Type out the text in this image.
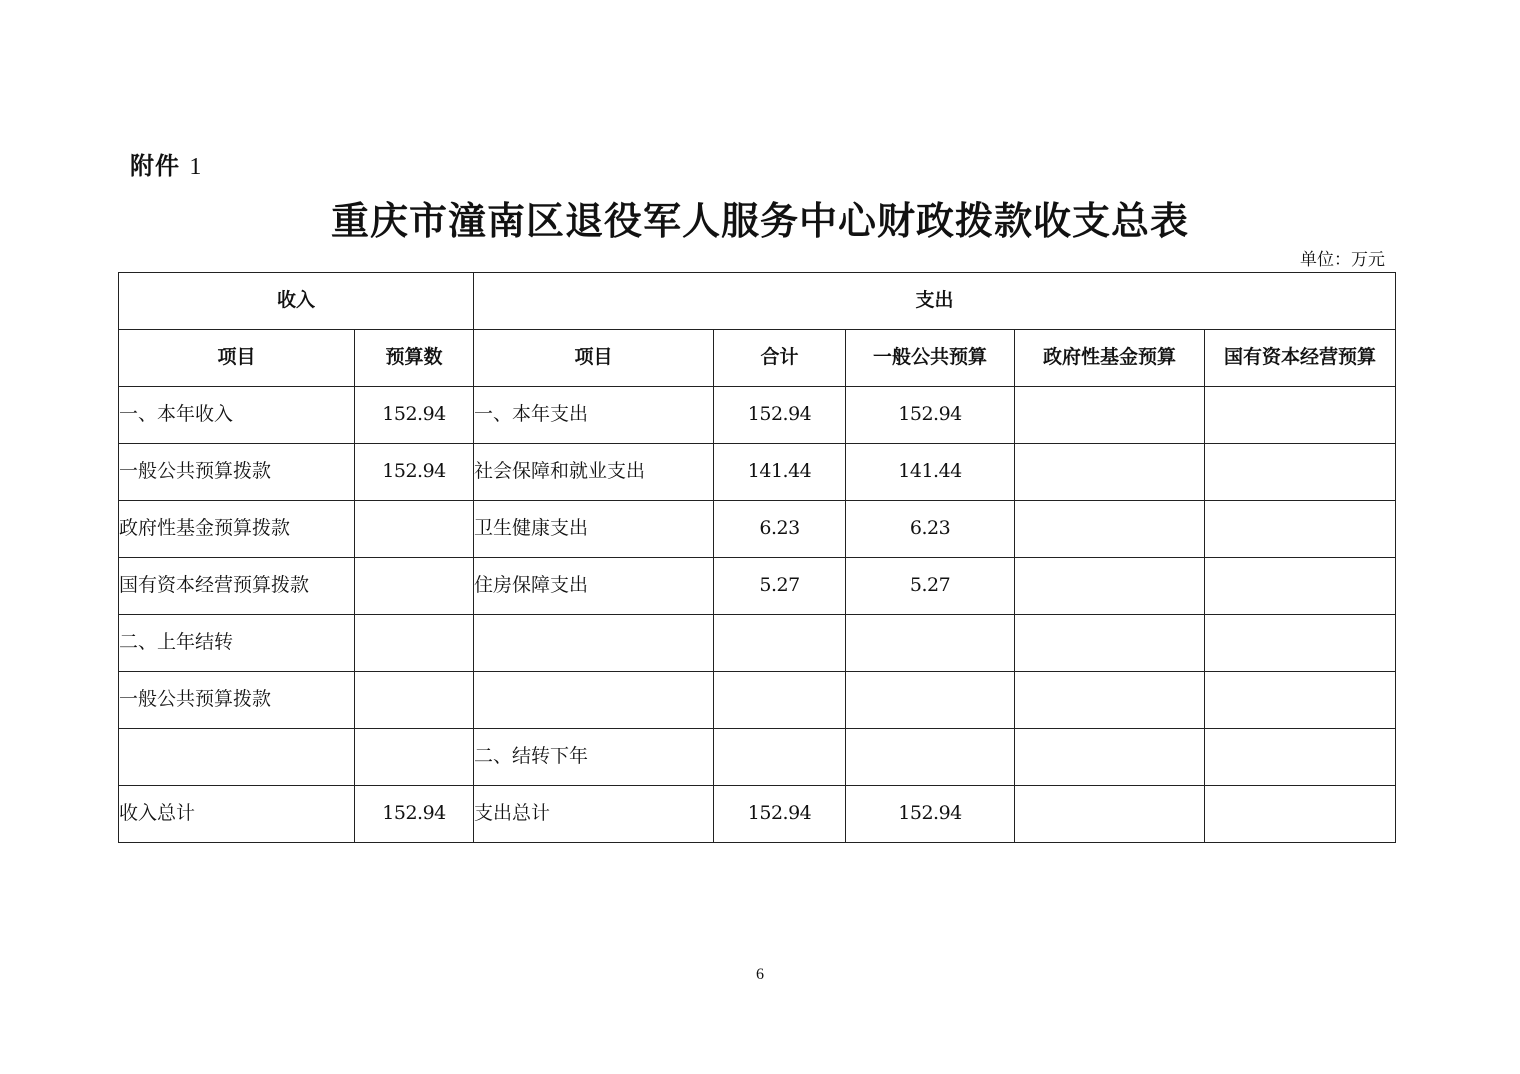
附件 1
重庆市潼南区退役军人服务中心财政拨款收支总表
单位：万元
收入		支出				
项目	预算数	项目	合计	一般公共预算	政府性基金预算	国有资本经营预算
一、本年收入	152.94	一、本年支出	152.94	152.94		
一般公共预算拨款	152.94	社会保障和就业支出	141.44	141.44		
政府性基金预算拨款		卫生健康支出	6.23	6.23		
国有资本经营预算拨款		住房保障支出	5.27	5.27		
二、上年结转						
一般公共预算拨款						
		二、结转下年				
收入总计	152.94	支出总计	152.94	152.94		
6
